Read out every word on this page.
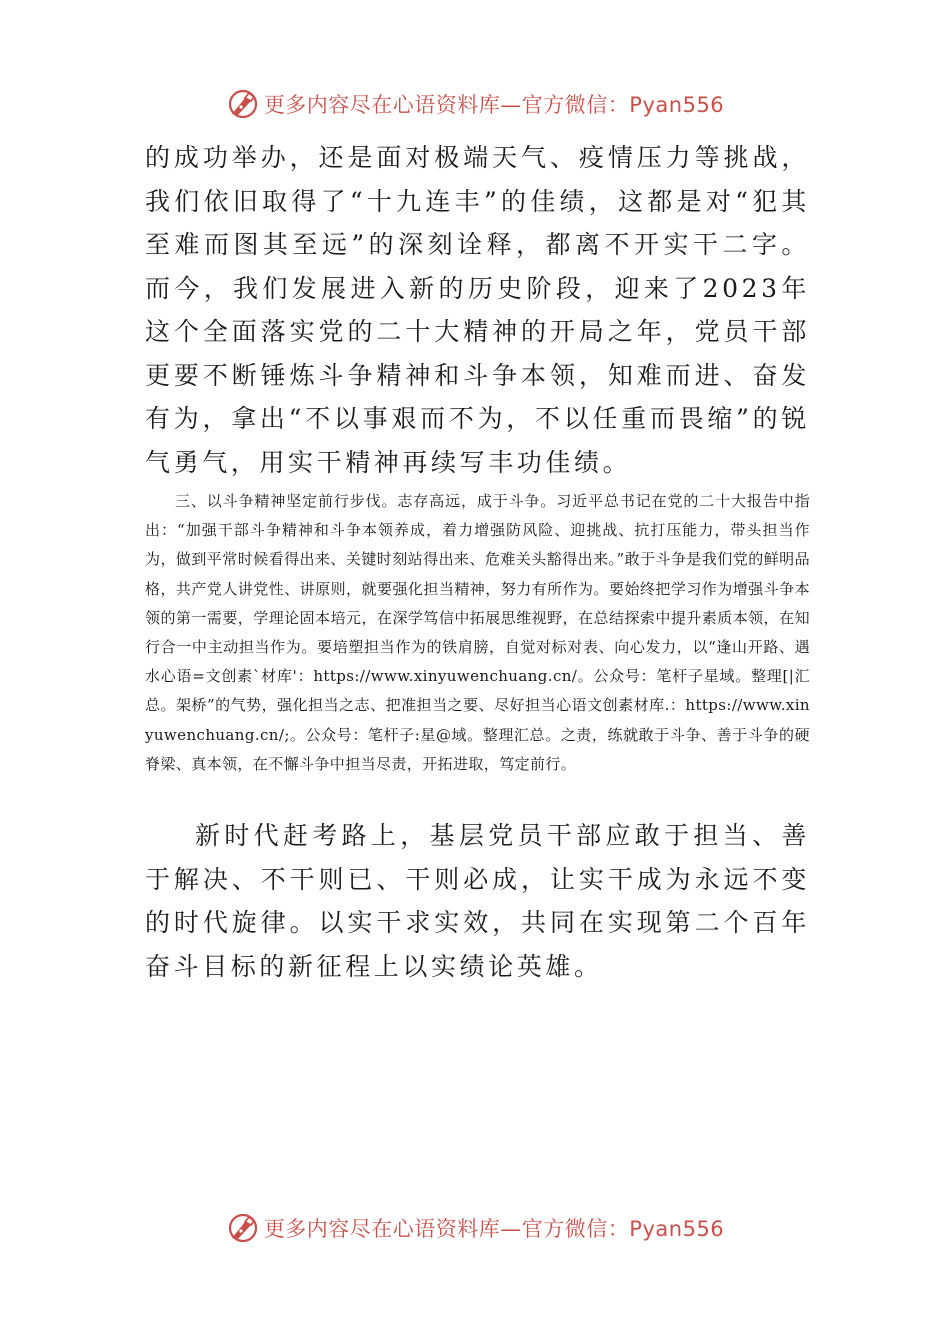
更多内容尽在心语资料库—官方微信：Pyan556

的成功举办，还是面对极端天气、疫情压力等挑战，我们依旧取得了“十九连丰”的佳绩，这都是对“犯其至难而图其至远”的深刻诠释，都离不开实干二字。而今，我们发展进入新的历史阶段，迎来了2023年这个全面落实党的二十大精神的开局之年，党员干部更要不断锤炼斗争精神和斗争本领，知难而进、奋发有为，拿出“不以事艰而不为，不以任重而畏缩”的锐气勇气，用实干精神再续写丰功佳绩。

三、以斗争精神坚定前行步伐。志存高远，成于斗争。习近平总书记在党的二十大报告中指出：“加强干部斗争精神和斗争本领养成，着力增强防风险、迎挑战、抗打压能力，带头担当作为，做到平常时候看得出来、关键时刻站得出来、危难关头豁得出来。”敢于斗争是我们党的鲜明品格，共产党人讲党性、讲原则，就要强化担当精神，努力有所作为。要始终把学习作为增强斗争本领的第一需要，学理论固本培元，在深学笃信中拓展思维视野，在总结探索中提升素质本领，在知行合一中主动担当作为。要培塑担当作为的铁肩膀，自觉对标对表、向心发力，以“逢山开路、遇水心语=文创素`材库'：https://www.xinyuwenchuang.cn/。公众号：笔杆子星域。整理[|汇总。架桥”的气势，强化担当之志、把准担当之要、尽好担当心语文创素材库.：https://www.xinyuwenchuang.cn/;。公众号：笔杆子:星@域。整理汇总。之责，练就敢于斗争、善于斗争的硬脊梁、真本领，在不懈斗争中担当尽责，开拓进取，笃定前行。

新时代赶考路上，基层党员干部应敢于担当、善于解决、不干则已、干则必成，让实干成为永远不变的时代旋律。以实干求实效，共同在实现第二个百年奋斗目标的新征程上以实绩论英雄。

更多内容尽在心语资料库—官方微信：Pyan556
